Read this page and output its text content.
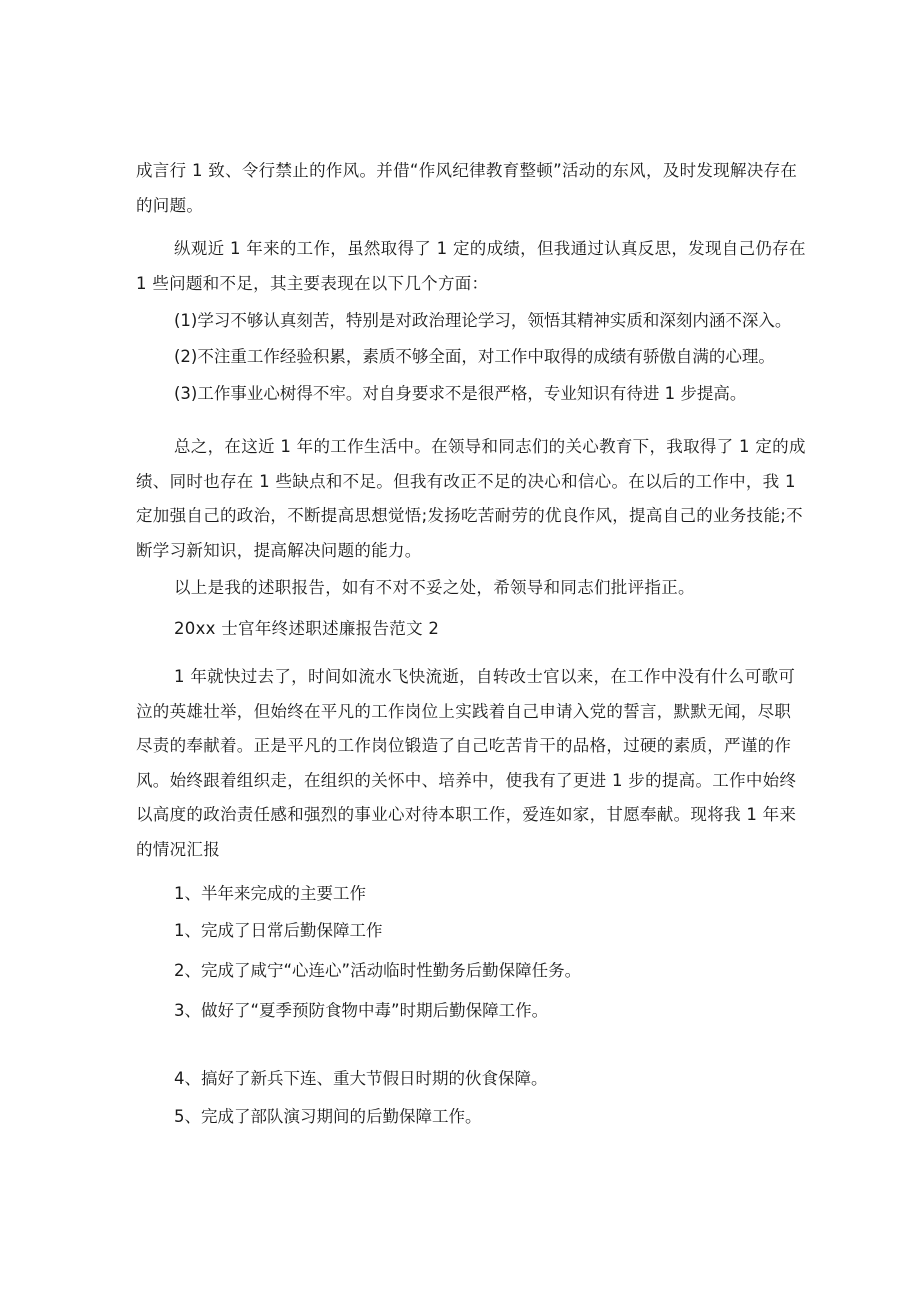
成言行 1 致、令行禁止的作风。并借“作风纪律教育整顿”活动的东风，及时发现解决存在的问题。

纵观近 1 年来的工作，虽然取得了 1 定的成绩，但我通过认真反思，发现自己仍存在 1 些问题和不足，其主要表现在以下几个方面：

(1)学习不够认真刻苦，特别是对政治理论学习，领悟其精神实质和深刻内涵不深入。

(2)不注重工作经验积累，素质不够全面，对工作中取得的成绩有骄傲自满的心理。

(3)工作事业心树得不牢。对自身要求不是很严格，专业知识有待进 1 步提高。

总之，在这近 1 年的工作生活中。在领导和同志们的关心教育下，我取得了 1 定的成绩、同时也存在 1 些缺点和不足。但我有改正不足的决心和信心。在以后的工作中，我 1 定加强自己的政治，不断提高思想觉悟;发扬吃苦耐劳的优良作风，提高自己的业务技能;不断学习新知识，提高解决问题的能力。

以上是我的述职报告，如有不对不妥之处，希领导和同志们批评指正。

20xx 士官年终述职述廉报告范文 2

1 年就快过去了，时间如流水飞快流逝，自转改士官以来，在工作中没有什么可歌可泣的英雄壮举，但始终在平凡的工作岗位上实践着自己申请入党的誓言，默默无闻，尽职尽责的奉献着。正是平凡的工作岗位锻造了自己吃苦肯干的品格，过硬的素质，严谨的作风。始终跟着组织走，在组织的关怀中、培养中，使我有了更进 1 步的提高。工作中始终以高度的政治责任感和强烈的事业心对待本职工作，爱连如家，甘愿奉献。现将我 1 年来的情况汇报

1、半年来完成的主要工作

1、完成了日常后勤保障工作

2、完成了咸宁“心连心”活动临时性勤务后勤保障任务。

3、做好了“夏季预防食物中毒”时期后勤保障工作。

4、搞好了新兵下连、重大节假日时期的伙食保障。

5、完成了部队演习期间的后勤保障工作。
